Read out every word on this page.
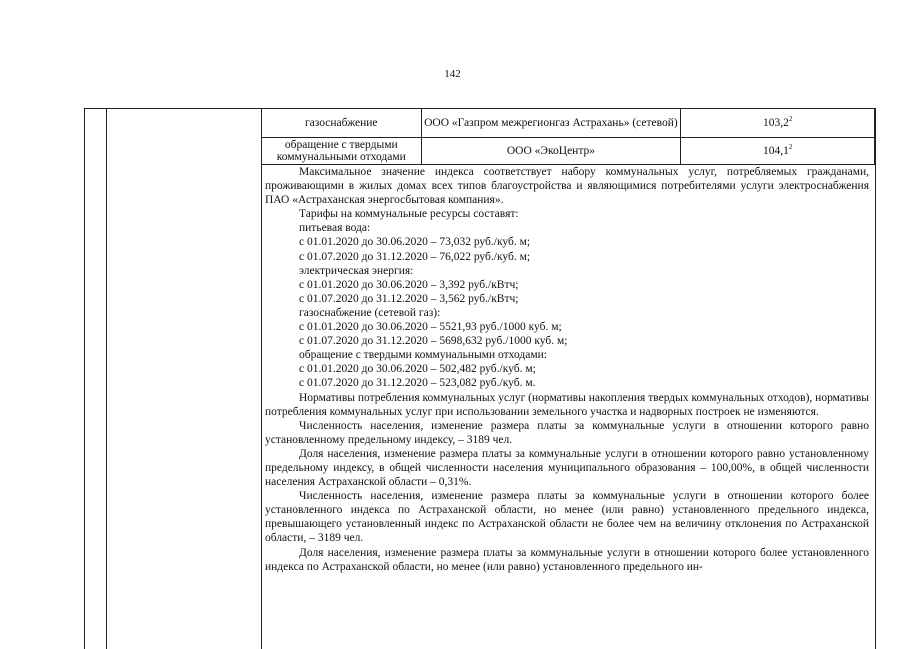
142
газоснабжение	ООО «Газпром межрегионгаз Астрахань» (сетевой)	103,2$^2$
обращение с твердыми коммунальными отходами	ООО «ЭкоЦентр»	104,1$^2$

Максимальное значение индекса соответствует набору коммунальных услуг, потребляемых гражданами, проживающими в жилых домах всех типов благоустройства и являющимися потребителями услуги электроснабжения ПАО «Астраханская энергосбытовая компания».

Тарифы на коммунальные ресурсы составят:
питьевая вода:
с 01.01.2020 до 30.06.2020 – 73,032 руб./куб. м;
с 01.07.2020 до 31.12.2020 – 76,022 руб./куб. м;
электрическая энергия:
с 01.01.2020 до 30.06.2020 – 3,392 руб./кВтч;
с 01.07.2020 до 31.12.2020 – 3,562 руб./кВтч;
газоснабжение (сетевой газ):
с 01.01.2020 до 30.06.2020 – 5521,93 руб./1000 куб. м;
с 01.07.2020 до 31.12.2020 – 5698,632 руб./1000 куб. м;
обращение с твердыми коммунальными отходами:
с 01.01.2020 до 30.06.2020 – 502,482 руб./куб. м;
с 01.07.2020 до 31.12.2020 – 523,082 руб./куб. м.

Нормативы потребления коммунальных услуг (нормативы накопления твердых коммунальных отходов), нормативы потребления коммунальных услуг при использовании земельного участка и надворных построек не изменяются.

Численность населения, изменение размера платы за коммунальные услуги в отношении которого равно установленному предельному индексу, – 3189 чел.

Доля населения, изменение размера платы за коммунальные услуги в отношении которого равно установленному предельному индексу, в общей численности населения муниципального образования – 100,00%, в общей численности населения Астраханской области – 0,31%.

Численность населения, изменение размера платы за коммунальные услуги в отношении которого более установленного индекса по Астраханской области, но менее (или равно) установленного предельного индекса, превышающего установленный индекс по Астраханской области не более чем на величину отклонения по Астраханской области, – 3189 чел.

Доля населения, изменение размера платы за коммунальные услуги в отношении которого более установленного индекса по Астраханской области, но менее (или равно) установленного предельного ин-
